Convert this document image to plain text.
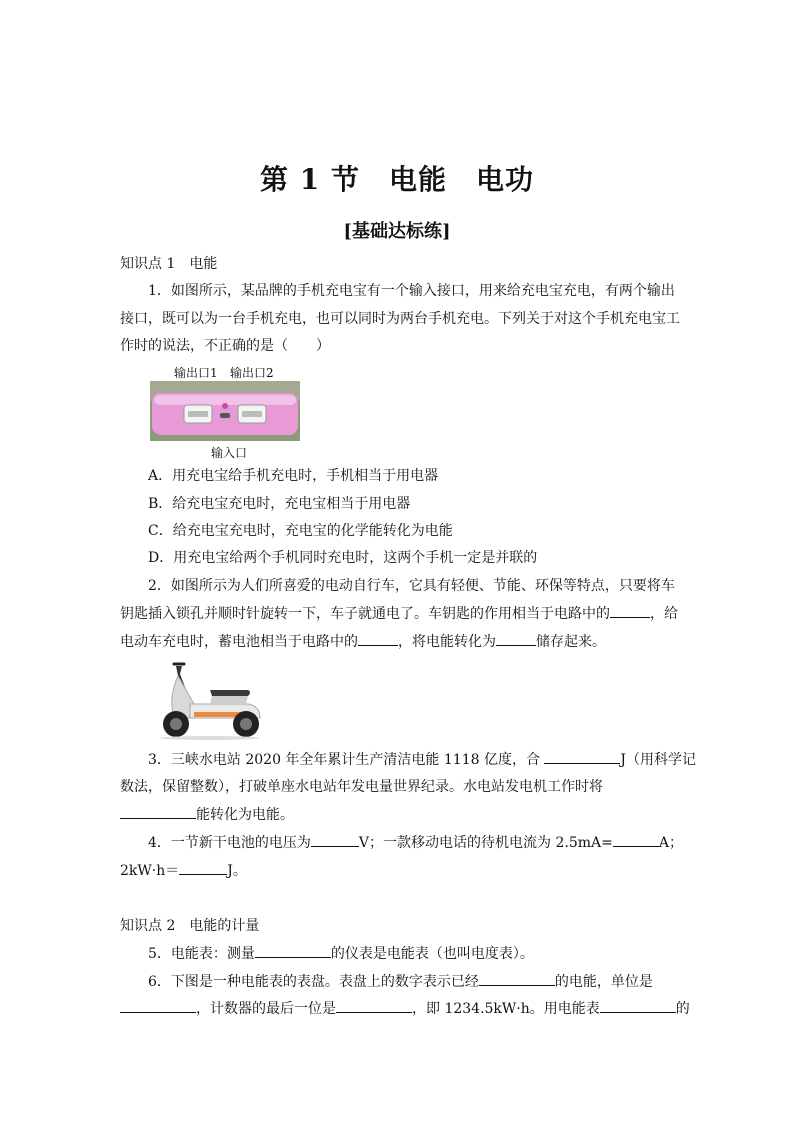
第 1 节　电能　电功
[基础达标练]
知识点 1　电能
1．如图所示，某品牌的手机充电宝有一个输入接口，用来给充电宝充电，有两个输出
接口，既可以为一台手机充电，也可以同时为两台手机充电。下列关于对这个手机充电宝工
作时的说法，不正确的是（　　）
输出口1 输出口2
输入口
A．用充电宝给手机充电时，手机相当于用电器
B．给充电宝充电时，充电宝相当于用电器
C．给充电宝充电时，充电宝的化学能转化为电能
D．用充电宝给两个手机同时充电时，这两个手机一定是并联的
2．如图所示为人们所喜爱的电动自行车，它具有轻便、节能、环保等特点，只要将车
钥匙插入锁孔并顺时针旋转一下，车子就通电了。车钥匙的作用相当于电路中的	，给
电动车充电时，蓄电池相当于电路中的	，将电能转化为	储存起来。
3．三峡水电站 2020 年全年累计生产清洁电能 1118 亿度，合	J（用科学记
数法，保留整数），打破单座水电站年发电量世界纪录。水电站发电机工作时将
能转化为电能。
4．一节新干电池的电压为	V；一款移动电话的待机电流为 2.5mA=	A；
2kW·h＝	J。
知识点 2　电能的计量
5．电能表：测量	的仪表是电能表（也叫电度表）。
6．下图是一种电能表的表盘。表盘上的数字表示已经	的电能，单位是
，计数器的最后一位是	，即 1234.5kW·h。用电能表	的
